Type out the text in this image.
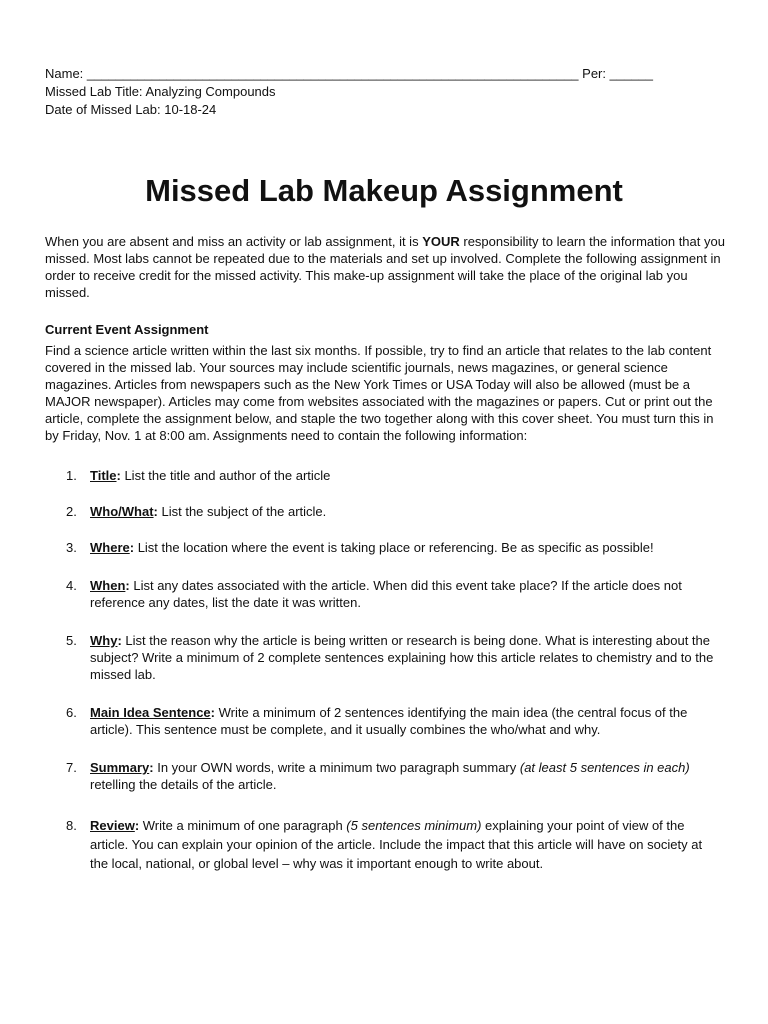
Name: ____________________________________________________________________ Per: ______
Missed Lab Title: Analyzing Compounds
Date of Missed Lab: 10-18-24
Missed Lab Makeup Assignment

When you are absent and miss an activity or lab assignment, it is YOUR responsibility to learn the information that you missed. Most labs cannot be repeated due to the materials and set up involved. Complete the following assignment in order to receive credit for the missed activity. This make-up assignment will take the place of the original lab you missed.

Current Event Assignment

Find a science article written within the last six months. If possible, try to find an article that relates to the lab content covered in the missed lab. Your sources may include scientific journals, news magazines, or general science magazines. Articles from newspapers such as the New York Times or USA Today will also be allowed (must be a MAJOR newspaper). Articles may come from websites associated with the magazines or papers. Cut or print out the article, complete the assignment below, and staple the two together along with this cover sheet. You must turn this in by Friday, Nov. 1 at 8:00 am. Assignments need to contain the following information:

1.	Title: List the title and author of the article
2.	Who/What: List the subject of the article.
3.	Where: List the location where the event is taking place or referencing. Be as specific as possible!
4.	When: List any dates associated with the article. When did this event take place? If the article does not reference any dates, list the date it was written.
5.	Why: List the reason why the article is being written or research is being done. What is interesting about the subject? Write a minimum of 2 complete sentences explaining how this article relates to chemistry and to the missed lab.
6.	Main Idea Sentence: Write a minimum of 2 sentences identifying the main idea (the central focus of the article). This sentence must be complete, and it usually combines the who/what and why.
7.	Summary: In your OWN words, write a minimum two paragraph summary (at least 5 sentences in each) retelling the details of the article.
8.	Review: Write a minimum of one paragraph (5 sentences minimum) explaining your point of view of the article. You can explain your opinion of the article. Include the impact that this article will have on society at the local, national, or global level – why was it important enough to write about.
